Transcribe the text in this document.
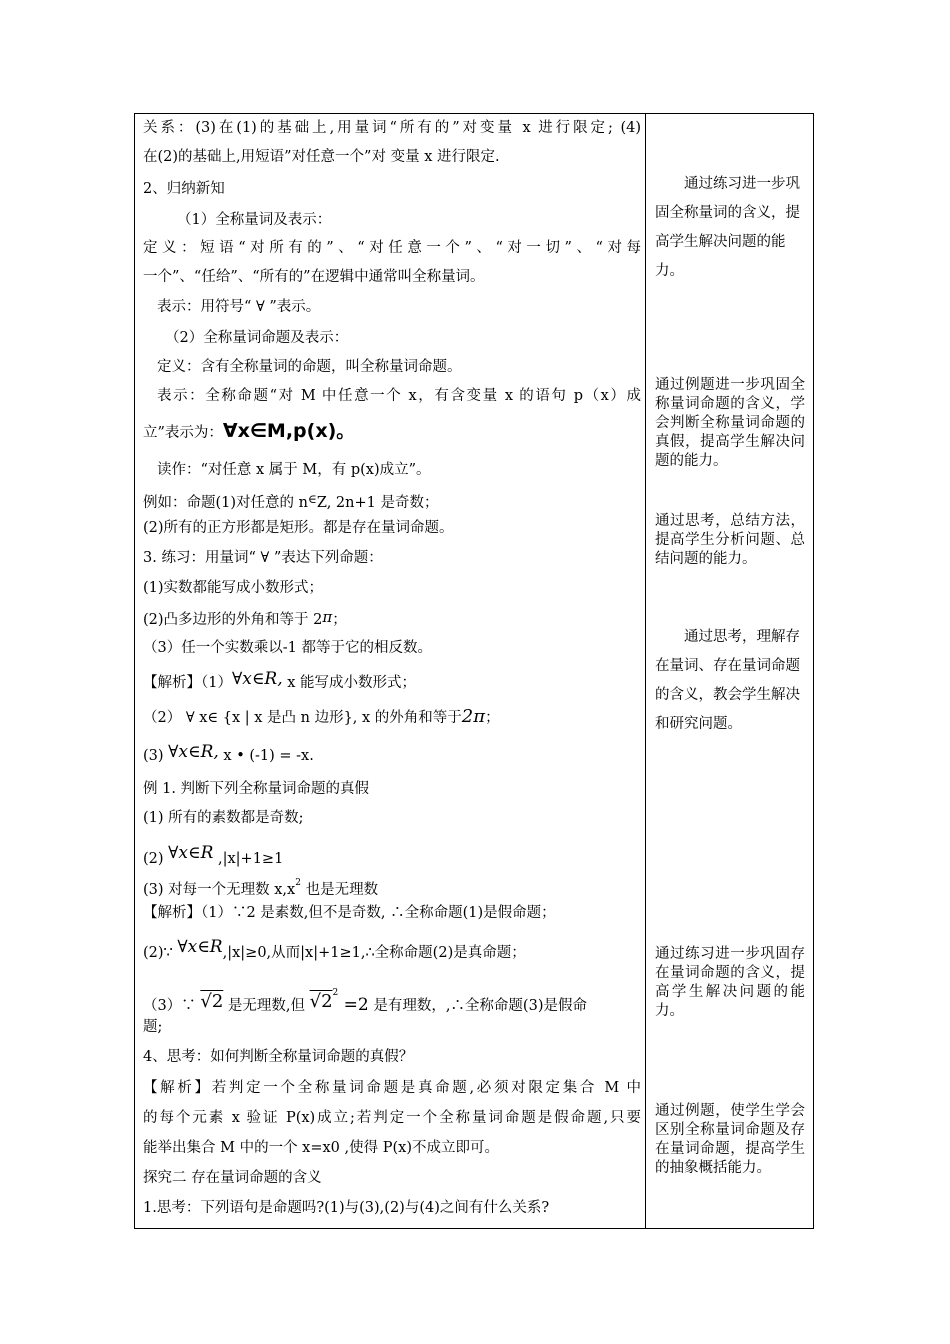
关系：(3)在(1)的基础上,用量词“所有的”对变量 x 进行限定; (4)
在(2)的基础上,用短语”对任意一个”对 变量 x 进行限定.
2、归纳新知
（1）全称量词及表示：
定义：短语“对所有的”、“对任意一个”、“对一切”、“对每
一个”、“任给”、“所有的”在逻辑中通常叫全称量词。
表示：用符号“ ∀ ”表示。
（2）全称量词命题及表示：
定义：含有全称量词的命题，叫全称量词命题。
表示：全称命题“对 M 中任意一个 x，有含变量 x 的语句 p（x）成
立”表示为：∀x∈M,p(x)。
读作：“对任意 x 属于 M，有 p(x)成立”。
例如：命题(1)对任意的 n∈Z, 2n+1 是奇数；
(2)所有的正方形都是矩形。都是存在量词命题。
3. 练习：用量词“ ∀ ”表达下列命题：
(1)实数都能写成小数形式；
(2)凸多边形的外角和等于 2π；
（3）任一个实数乘以-1 都等于它的相反数。
【解析】（1）∀x∈R, x 能写成小数形式；
（2） ∀ x∈ {x | x 是凸 n 边形}, x 的外角和等于2π；
(3) ∀x∈R, x • (-1) = -x.
例 1. 判断下列全称量词命题的真假
(1) 所有的素数都是奇数;
(2) ∀x∈R ,|x|+1≥1
(3) 对每一个无理数 $x,x^2$ 也是无理数
【解析】（1）∵2 是素数,但不是奇数, ∴全称命题(1)是假命题；
(2)∵ ∀x∈R,|x|≥0,从而|x|+1≥1,∴全称命题(2)是真命题；
（3）∵ √2 是无理数,但 $√2^2 =2$ 是有理数，,∴全称命题(3)是假命
题;
4、思考：如何判断全称量词命题的真假？
【解析】若判定一个全称量词命题是真命题,必须对限定集合 M 中
的每个元素 x 验证 P(x)成立;若判定一个全称量词命题是假命题,只要
能举出集合 M 中的一个 x=x0 ,使得 P(x)不成立即可。
探究二 存在量词命题的含义
1.思考：下列语句是命题吗?(1)与(3),(2)与(4)之间有什么关系?
通过练习进一步巩固全称量词的含义，提高学生解决问题的能力。
通过例题进一步巩固全称量词命题的含义，学会判断全称量词命题的真假，提高学生解决问题的能力。
通过思考，总结方法，提高学生分析问题、总结问题的能力。
通过思考，理解存在量词、存在量词命题的含义，教会学生解决和研究问题。
通过练习进一步巩固存在量词命题的含义，提高学生解决问题的能力。
通过例题，使学生学会区别全称量词命题及存在量词命题，提高学生的抽象概括能力。
